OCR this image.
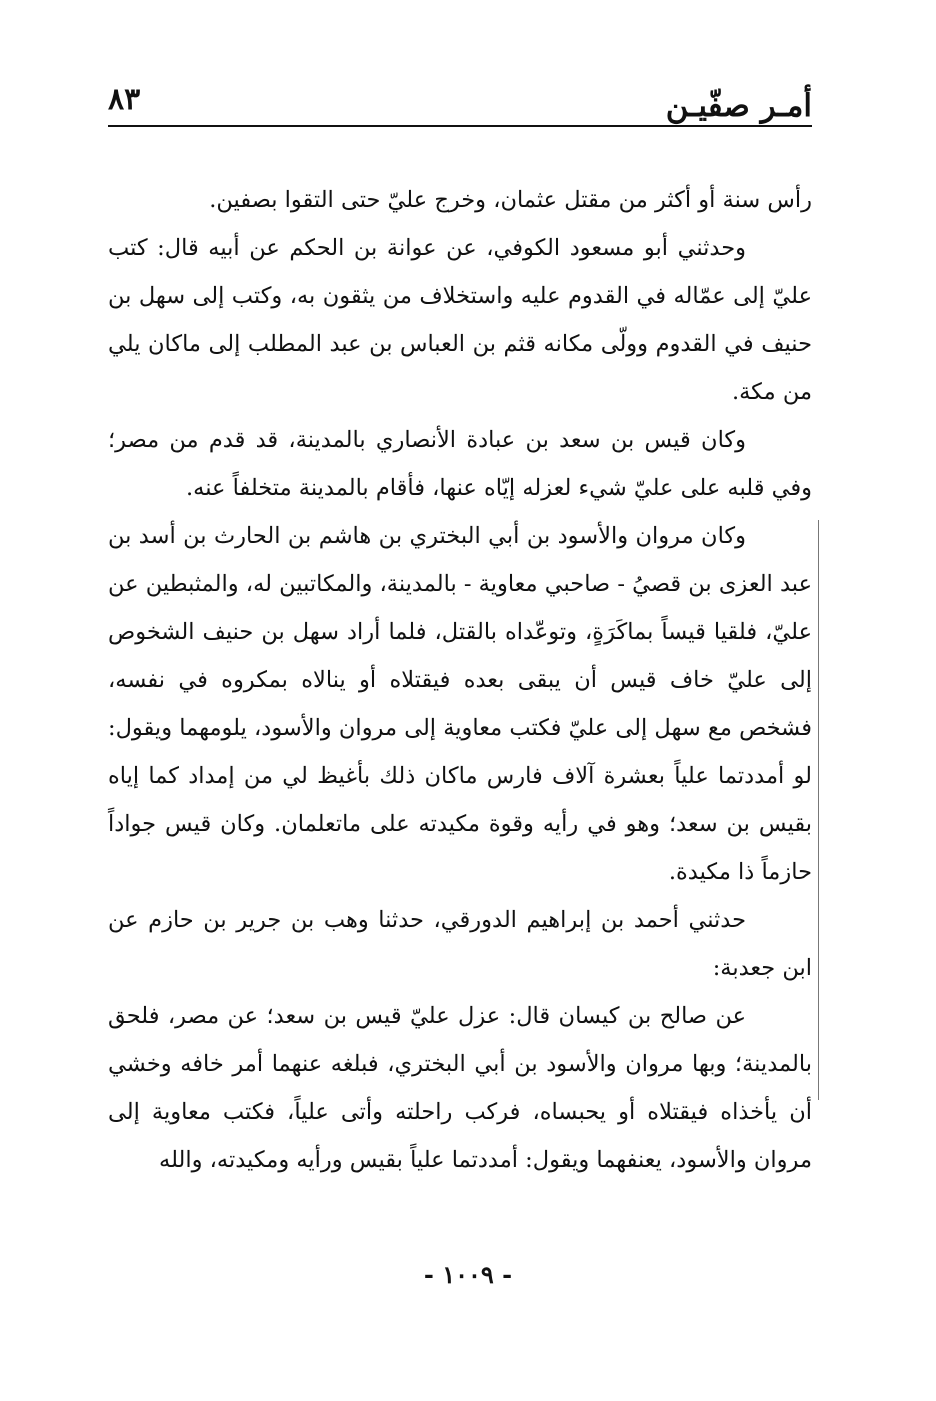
٨٣	أمـر صفّيـن

رأس سنة أو أكثر من مقتل عثمان، وخرج عليّ حتى التقوا بصفين.

وحدثني أبو مسعود الكوفي، عن عوانة بن الحكم عن أبيه قال: كتب عليّ إلى عمّاله في القدوم عليه واستخلاف من يثقون به، وكتب إلى سهل بن حنيف في القدوم وولّى مكانه قثم بن العباس بن عبد المطلب إلى ماكان يلي من مكة.

وكان قيس بن سعد بن عبادة الأنصاري بالمدينة، قد قدم من مصر؛ وفي قلبه على عليّ شيء لعزله إيّاه عنها، فأقام بالمدينة متخلفاً عنه.

وكان مروان والأسود بن أبي البختري بن هاشم بن الحارث بن أسد بن عبد العزى بن قصيُ - صاحبي معاوية - بالمدينة، والمكاتبين له، والمثبطين عن عليّ، فلقيا قيساً بماكَرَةٍ، وتوعّداه بالقتل، فلما أراد سهل بن حنيف الشخوص إلى عليّ خاف قيس أن يبقى بعده فيقتلاه أو ينالاه بمكروه في نفسه، فشخص مع سهل إلى عليّ فكتب معاوية إلى مروان والأسود، يلومهما ويقول: لو أمددتما علياً بعشرة آلاف فارس ماكان ذلك بأغيظ لي من إمداد كما إياه بقيس بن سعد؛ وهو في رأيه وقوة مكيدته على ماتعلمان. وكان قيس جواداً حازماً ذا مكيدة.

حدثني أحمد بن إبراهيم الدورقي، حدثنا وهب بن جرير بن حازم عن ابن جعدبة:

عن صالح بن كيسان قال: عزل عليّ قيس بن سعد؛ عن مصر، فلحق بالمدينة؛ وبها مروان والأسود بن أبي البختري، فبلغه عنهما أمر خافه وخشي أن يأخذاه فيقتلاه أو يحبساه، فركب راحلته وأتى علياً، فكتب معاوية إلى مروان والأسود، يعنفهما ويقول: أمددتما علياً بقيس ورأيه ومكيدته، والله

- ١٠٠٩ -
